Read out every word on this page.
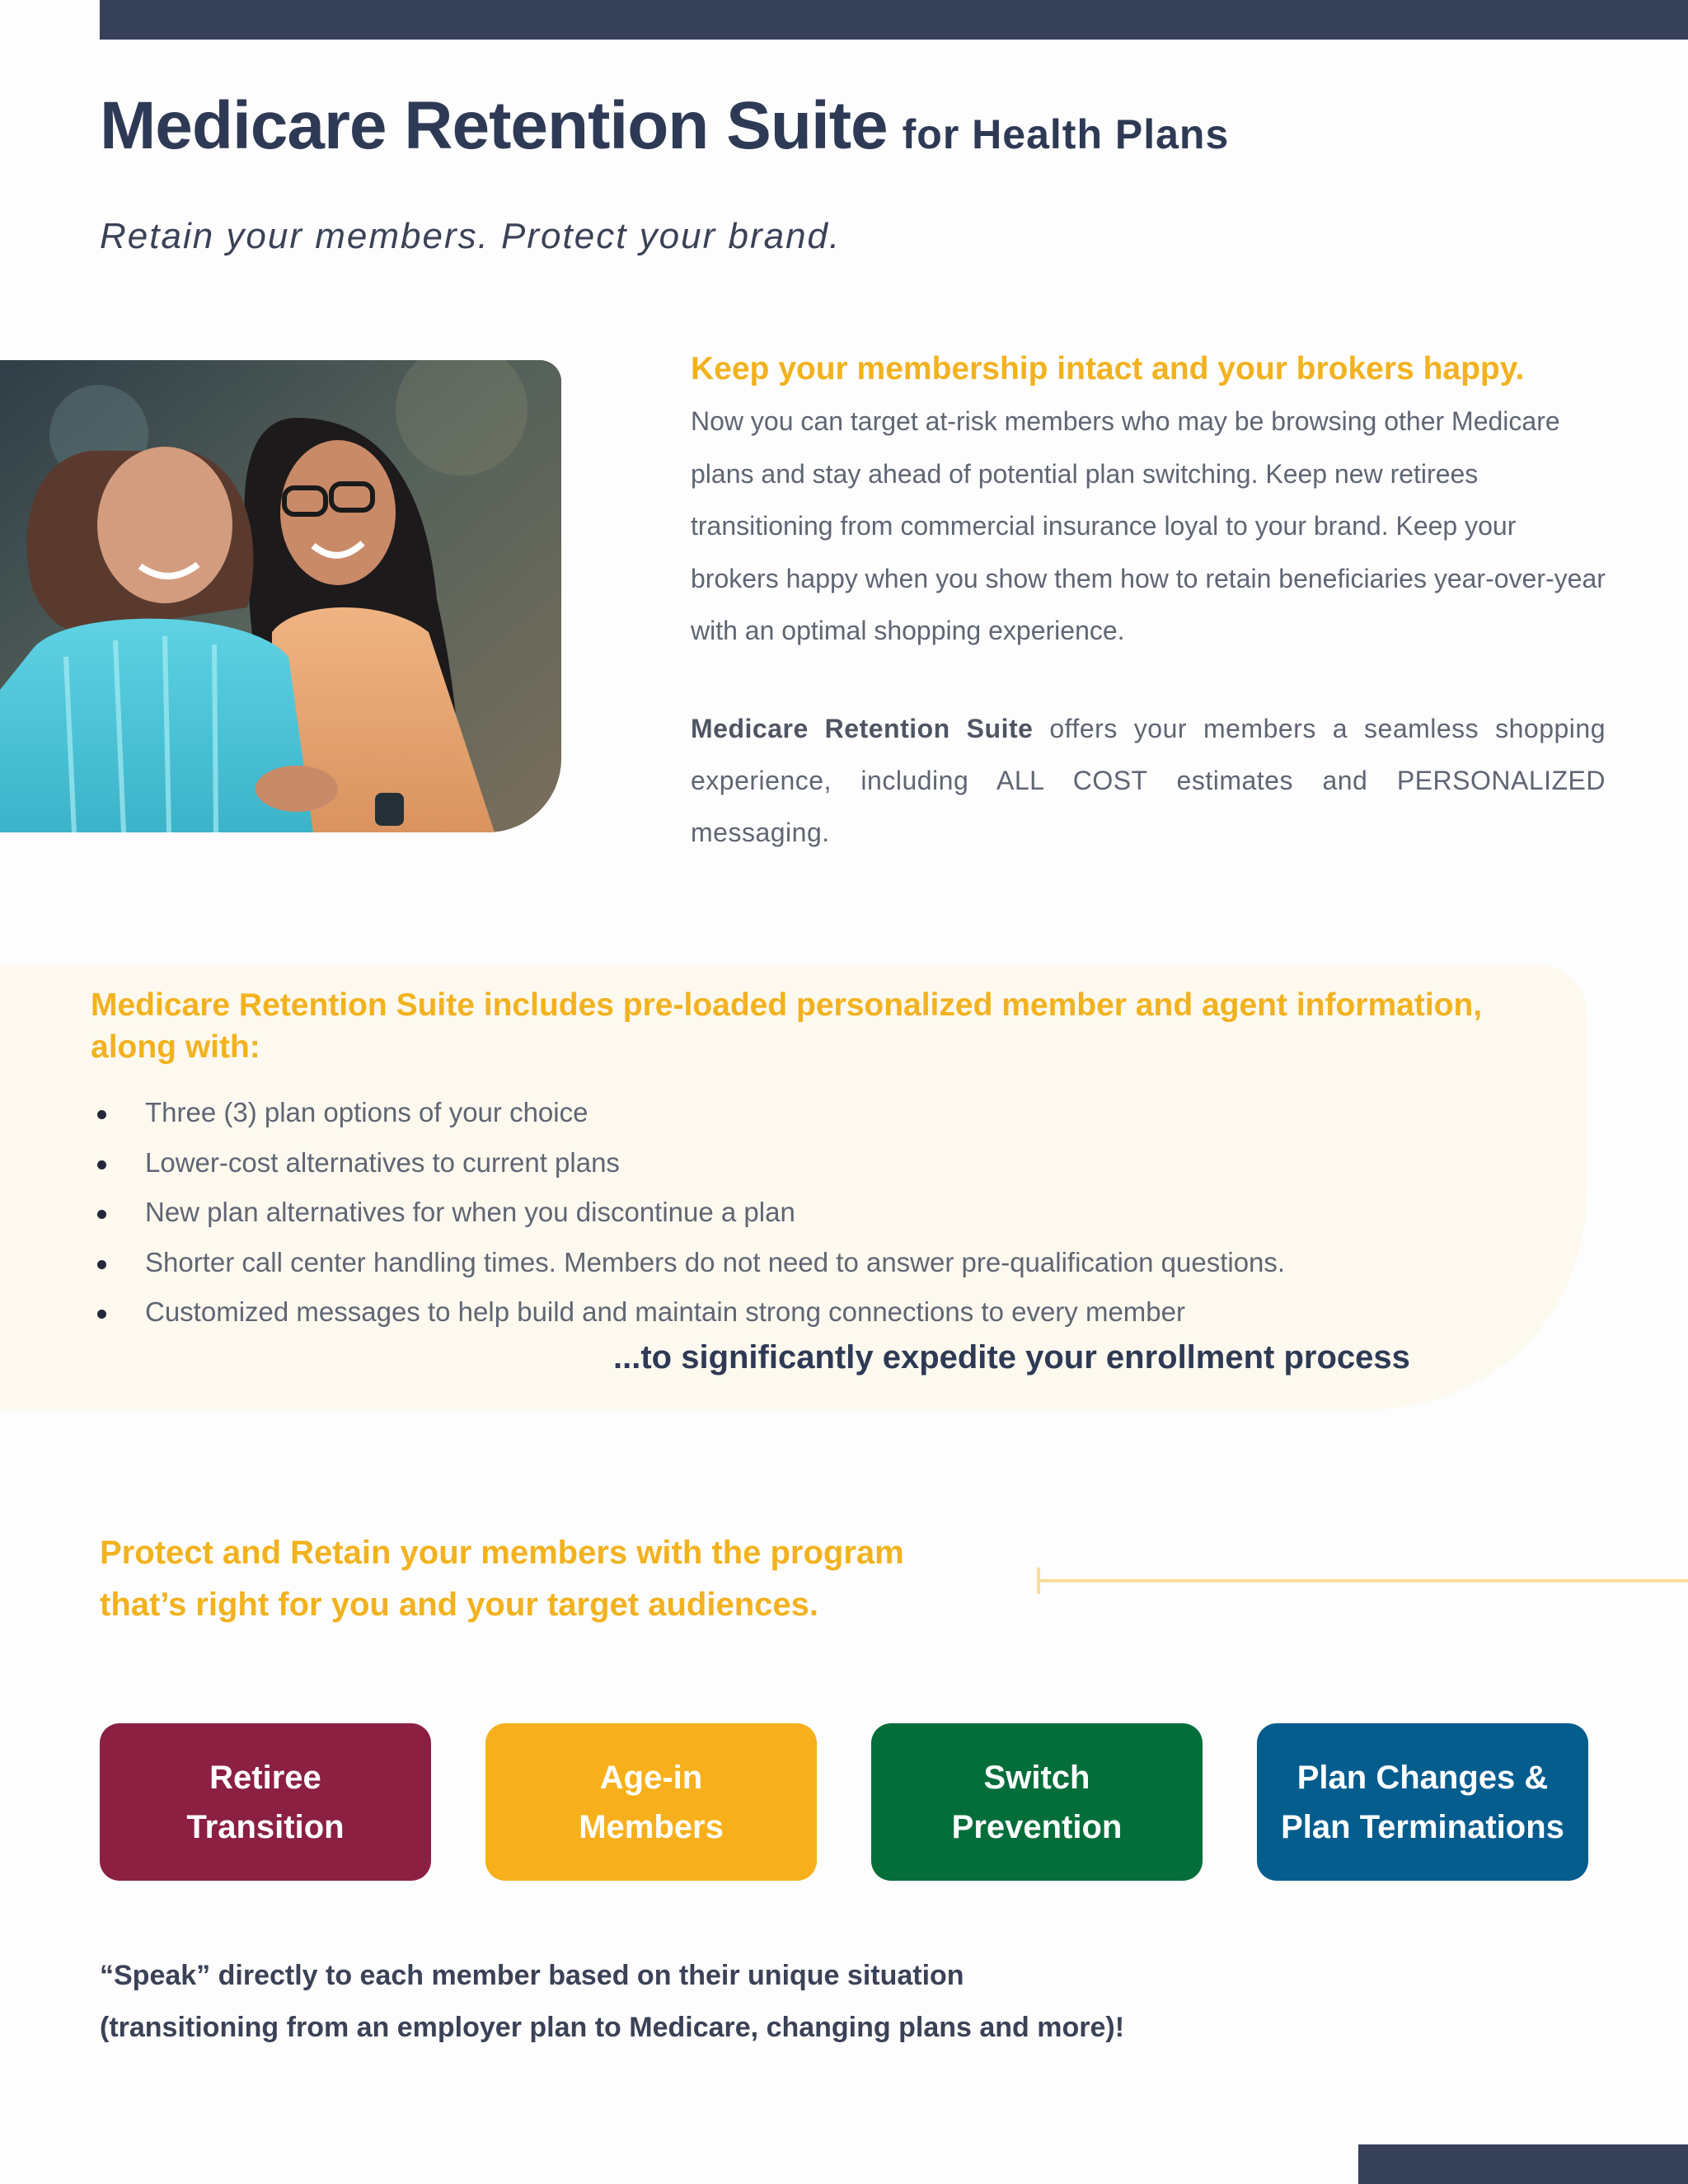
Medicare Retention Suite for Health Plans
Retain your members. Protect your brand.
Keep your membership intact and your brokers happy.

Now you can target at-risk members who may be browsing other Medicare plans and stay ahead of potential plan switching. Keep new retirees transitioning from commercial insurance loyal to your brand. Keep your brokers happy when you show them how to retain beneficiaries year-over-year with an optimal shopping experience.

Medicare Retention Suite offers your members a seamless shopping experience, including ALL COST estimates and PERSONALIZED messaging.

Medicare Retention Suite includes pre-loaded personalized member and agent information, along with:
Three (3) plan options of your choice
Lower-cost alternatives to current plans
New plan alternatives for when you discontinue a plan
Shorter call center handling times. Members do not need to answer pre-qualification questions.
Customized messages to help build and maintain strong connections to every member
...to significantly expedite your enrollment process
Protect and Retain your members with the program
that’s right for you and your target audiences.
Retiree
Transition
Age-in
Members
Switch
Prevention
Plan Changes &
Plan Terminations
“Speak” directly to each member based on their unique situation
(transitioning from an employer plan to Medicare, changing plans and more)!
